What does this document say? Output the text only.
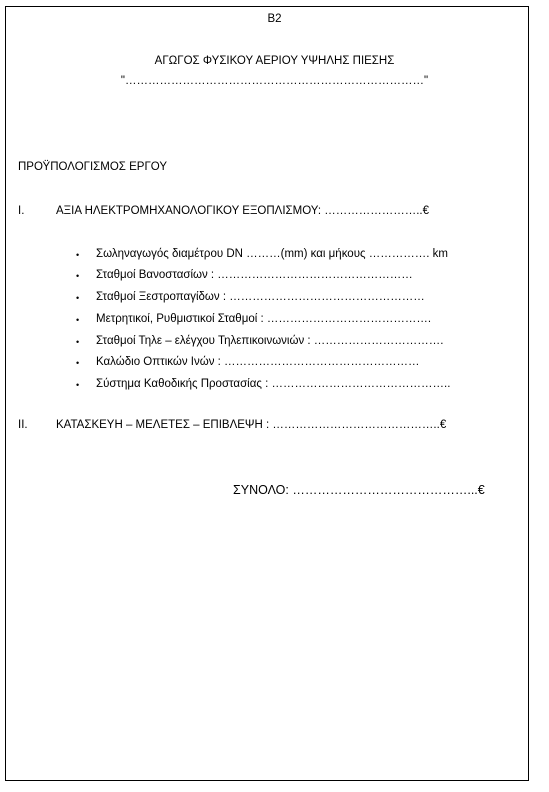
Β2
ΑΓΩΓΟΣ ΦΥΣΙΚΟΥ ΑΕΡΙΟΥ ΥΨΗΛΗΣ ΠΙΕΣΗΣ
"……………………………………………………………………"
ΠΡΟΫΠΟΛΟΓΙΣΜΟΣ ΕΡΓΟΥ
Ι.	ΑΞΙΑ ΗΛΕΚΤΡΟΜΗΧΑΝΟΛΟΓΙΚΟΥ ΕΞΟΠΛΙΣΜΟΥ: ……………………..€
• Σωληναγωγός διαμέτρου DN ………(mm) και μήκους ……………. km
• Σταθμοί Βανοστασίων : ……………………………………………
• Σταθμοί Ξεστροπαγίδων : ……………………………………………
• Μετρητικοί, Ρυθμιστικοί Σταθμοί : …………………………………….
• Σταθμοί Τηλε – ελέγχου Τηλεπικοινωνιών : …………………………….
• Καλώδιο Οπτικών Ινών : ……………………………………………
• Σύστημα Καθοδικής Προστασίας : ………………………………………..
ΙΙ. ΚΑΤΑΣΚΕΥΗ – ΜΕΛΕΤΕΣ – ΕΠΙΒΛΕΨΗ : ……………………………………..€
ΣΥΝΟΛΟ: ……………………………………...€
